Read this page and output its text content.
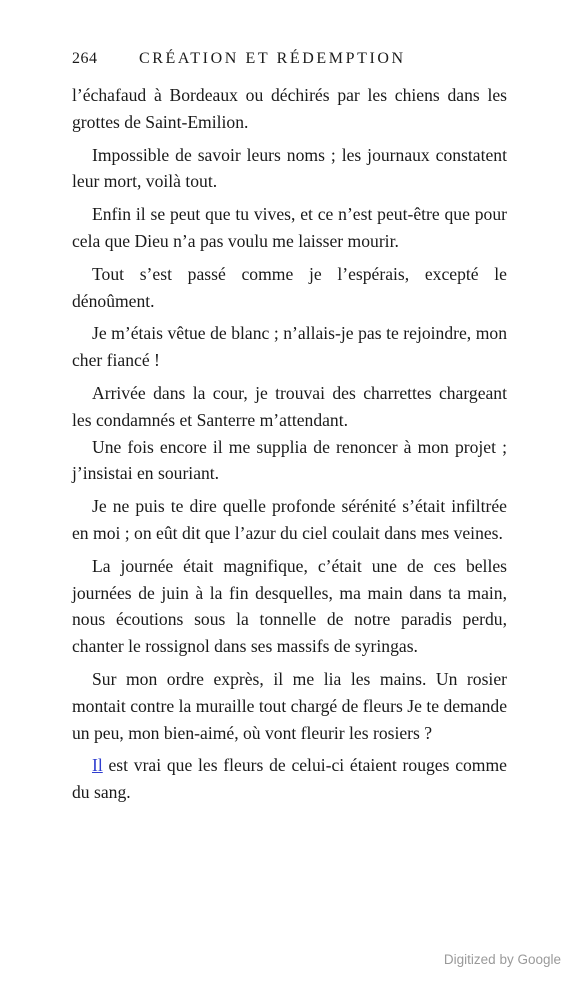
264	CRÉATION ET RÉDEMPTION

l’échafaud à Bordeaux ou déchirés par les chiens dans les grottes de Saint-Emilion.

Impossible de savoir leurs noms ; les journaux constatent leur mort, voilà tout.

Enfin il se peut que tu vives, et ce n’est peut-être que pour cela que Dieu n’a pas voulu me laisser mourir.

Tout s’est passé comme je l’espérais, excepté le dénoûment.

Je m’étais vêtue de blanc ; n’allais-je pas te rejoindre, mon cher fiancé !

Arrivée dans la cour, je trouvai des charrettes chargeant les condamnés et Santerre m’attendant.

Une fois encore il me supplia de renoncer à mon projet ; j’insistai en souriant.

Je ne puis te dire quelle profonde sérénité s’était infiltrée en moi ; on eût dit que l’azur du ciel coulait dans mes veines.

La journée était magnifique, c’était une de ces belles journées de juin à la fin desquelles, ma main dans ta main, nous écoutions sous la tonnelle de notre paradis perdu, chanter le rossignol dans ses massifs de syringas.

Sur mon ordre exprès, il me lia les mains. Un rosier montait contre la muraille tout chargé de fleurs Je te demande un peu, mon bien-aimé, où vont fleurir les rosiers ?

Il est vrai que les fleurs de celui-ci étaient rouges comme du sang.

Digitized by Google
